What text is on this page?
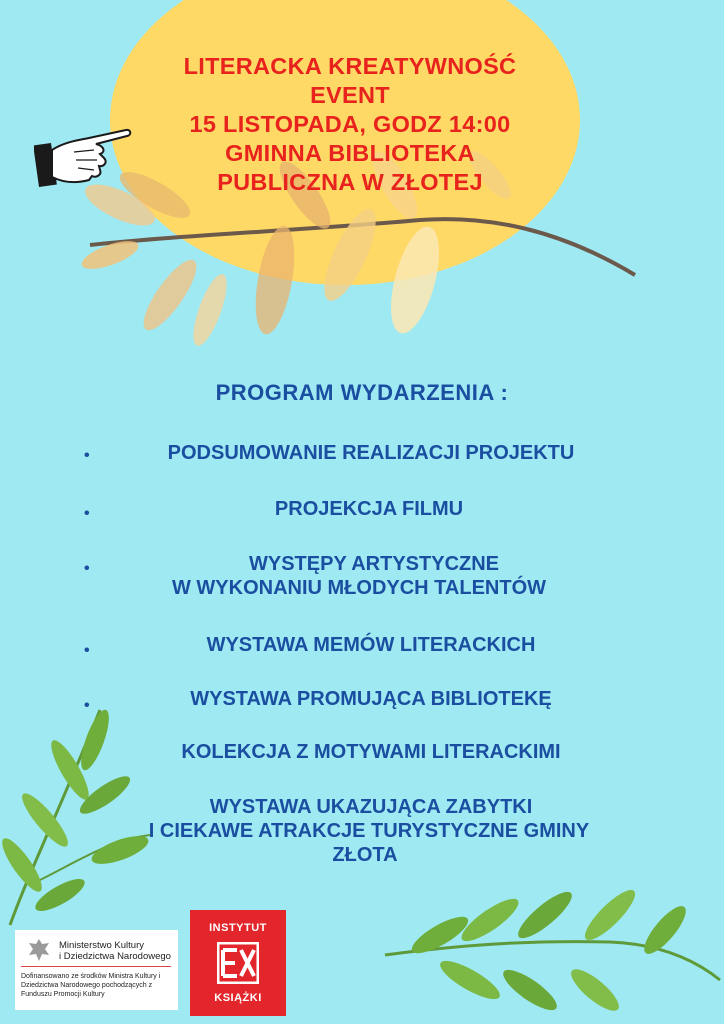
LITERACKA KREATYWNOŚĆ
EVENT
15 LISTOPADA, GODZ 14:00
GMINNA BIBLIOTEKA
PUBLICZNA W ZŁOTEJ
PROGRAM WYDARZENIA :
•	PODSUMOWANIE REALIZACJI PROJEKTU
•	PROJEKCJA FILMU
•	WYSTĘPY ARTYSTYCZNE
W WYKONANIU MŁODYCH TALENTÓW
•	WYSTAWA MEMÓW LITERACKICH
•	WYSTAWA PROMUJĄCA BIBLIOTEKĘ
KOLEKCJA Z MOTYWAMI LITERACKIMI
WYSTAWA UKAZUJĄCA ZABYTKI
I CIEKAWE ATRAKCJE TURYSTYCZNE GMINY
ZŁOTA
Ministerstwo Kultury
i Dziedzictwa Narodowego
Dofinansowano ze środków Ministra Kultury i Dziedzictwa Narodowego pochodzących z Funduszu Promocji Kultury
INSTYTUT
KSIĄŻKI
